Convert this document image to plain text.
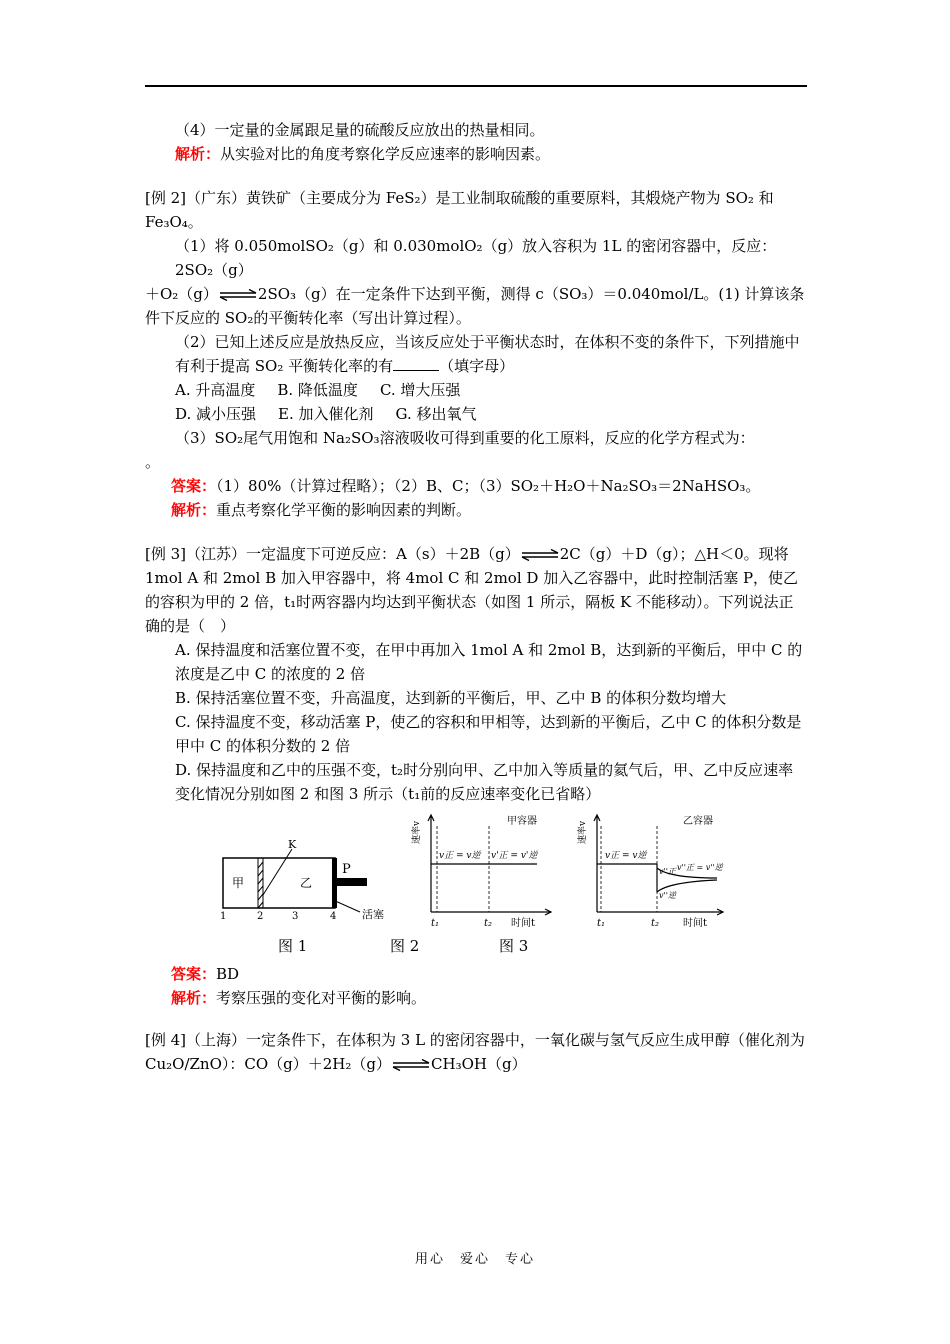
（4）一定量的金属跟足量的硫酸反应放出的热量相同。

解析：从实验对比的角度考察化学反应速率的影响因素。

[例 2]（广东）黄铁矿（主要成分为 FeS₂）是工业制取硫酸的重要原料，其煅烧产物为 SO₂ 和 Fe₃O₄。

（1）将 0.050molSO₂（g）和 0.030molO₂（g）放入容积为 1L 的密闭容器中，反应：2SO₂（g）

＋O₂（g）⇌2SO₃（g）在一定条件下达到平衡，测得 c（SO₃）＝0.040mol/L。(1) 计算该条件下反应的 SO₂的平衡转化率（写出计算过程）。

（2）已知上述反应是放热反应，当该反应处于平衡状态时，在体积不变的条件下，下列措施中有利于提高 SO₂ 平衡转化率的有	（填字母）

A. 升高温度 B. 降低温度 C. 增大压强

D. 减小压强 E. 加入催化剂 G. 移出氧气

（3）SO₂尾气用饱和 Na₂SO₃溶液吸收可得到重要的化工原料，反应的化学方程式为：

。

答案：（1）80%（计算过程略）；（2）B、C；（3）SO₂＋H₂O＋Na₂SO₃＝2NaHSO₃。

解析：重点考察化学平衡的影响因素的判断。

[例 3]（江苏）一定温度下可逆反应：A（s）＋2B（g）⇌2C（g）＋D（g）；△H＜0。现将 1mol A 和 2mol B 加入甲容器中，将 4mol C 和 2mol D 加入乙容器中，此时控制活塞 P，使乙的容积为甲的 2 倍，t₁时两容器内均达到平衡状态（如图 1 所示，隔板 K 不能移动）。下列说法正确的是（　）

A. 保持温度和活塞位置不变，在甲中再加入 1mol A 和 2mol B，达到新的平衡后，甲中 C 的浓度是乙中 C 的浓度的 2 倍

B. 保持活塞位置不变，升高温度，达到新的平衡后，甲、乙中 B 的体积分数均增大

C. 保持温度不变，移动活塞 P，使乙的容积和甲相等，达到新的平衡后，乙中 C 的体积分数是甲中 C 的体积分数的 2 倍

D. 保持温度和乙中的压强不变，t₂时分别向甲、乙中加入等质量的氦气后，甲、乙中反应速率变化情况分别如图 2 和图 3 所示（t₁前的反应速率变化已省略）

甲	乙
K
P
活塞
1	2	3	4
速率v	甲容器
v正 = v逆 v'正 = v'逆
t₁	t₂ 时间t
速率v	乙容器
v正 = v逆
v''正 = v''逆
v''正
v''逆
t₁	t₂ 时间t
图 1	图 2	图 3

答案：BD

解析：考察压强的变化对平衡的影响。

[例 4]（上海）一定条件下，在体积为 3 L 的密闭容器中，一氧化碳与氢气反应生成甲醇（催化剂为 Cu₂O/ZnO）：CO（g）＋2H₂（g）⇌CH₃OH（g）

用心　爱心　专心
